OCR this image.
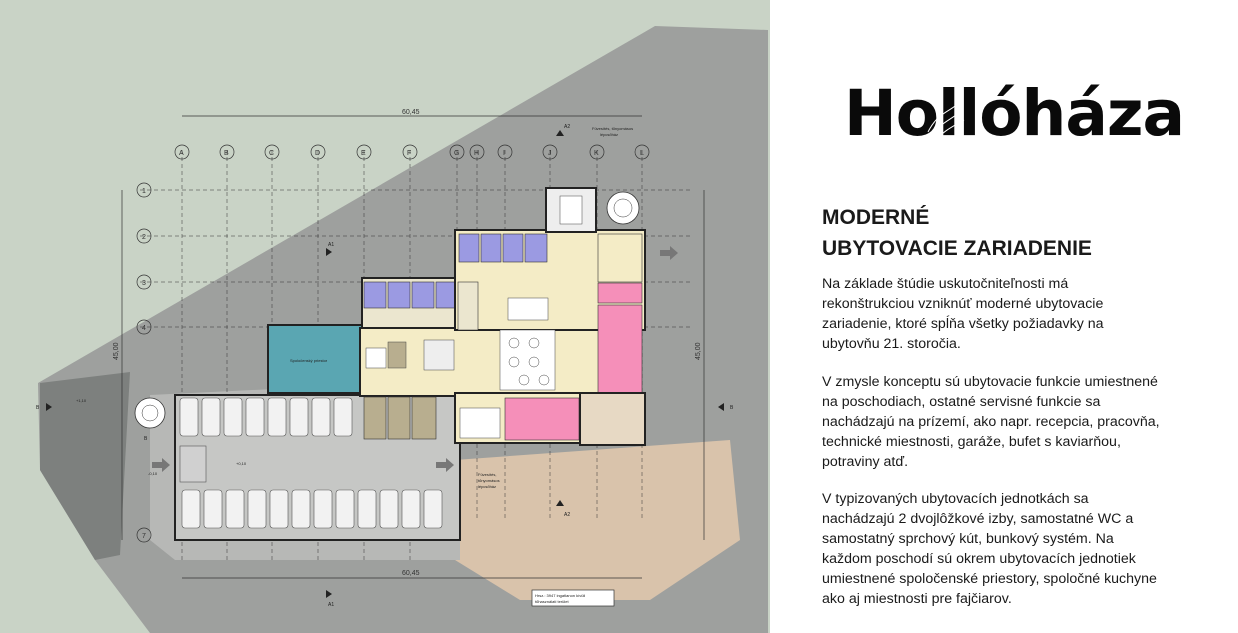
60,45
60,45
45,00
45,00
A	B	C	D	E	F	G H	I	J	K	L
1
2
3
4
7
Spoločenský priestor
A1
A1
A2
A2
B	B
B
Füvesítés, tűnyomásos
lépcsőház
Füvesítés,
tűnyomásos
lépcsőház
Hrsz.: 3947 ingatlanon kívüli
tűhasználati terület
+1,10
+0,10
-0,10
Hollóháza
MODERNÉ
UBYTOVACIE ZARIADENIE
Na základe štúdie uskutočniteľnosti má rekonštrukciou vzniknúť moderné ubytovacie zariadenie, ktoré spĺňa všetky požiadavky na ubytovňu 21. storočia.
V zmysle konceptu sú ubytovacie funkcie umiestnené na poschodiach, ostatné servisné funkcie sa nachádzajú na prízemí, ako napr. recepcia, pracovňa, technické miestnosti, garáže, bufet s kaviarňou, potraviny atď.
V typizovaných ubytovacích jednotkách sa nachádzajú 2 dvojlôžkové izby, samostatné WC a samostatný sprchový kút, bunkový systém. Na každom poschodí sú okrem ubytovacích jednotiek umiestnené spoločenské priestory, spoločné kuchyne ako aj miestnosti pre fajčiarov.
